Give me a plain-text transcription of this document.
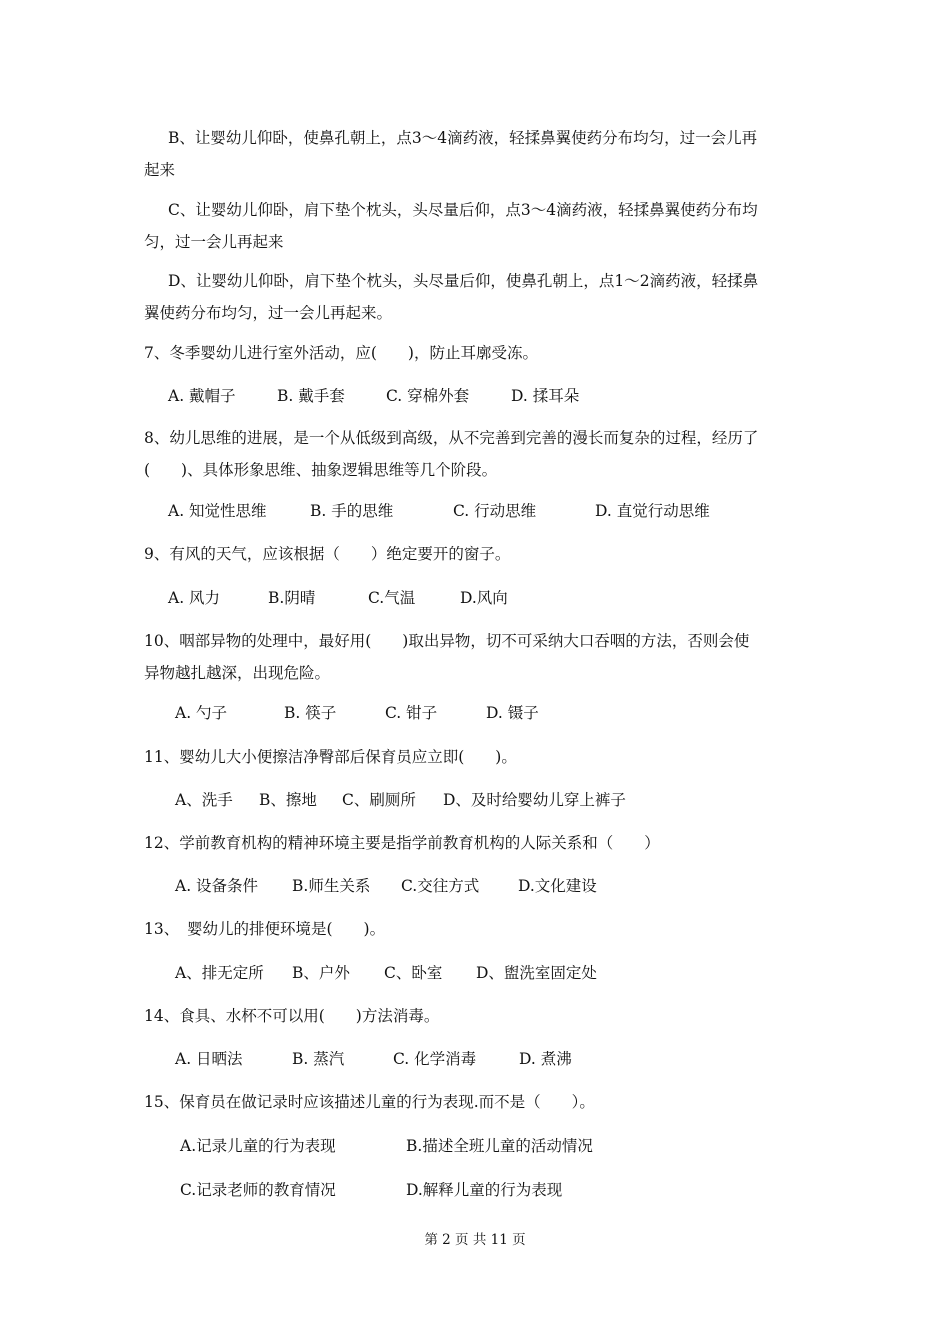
B、让婴幼儿仰卧，使鼻孔朝上，点3～4滴药液，轻揉鼻翼使药分布均匀，过一会儿再

起来

C、让婴幼儿仰卧，肩下垫个枕头，头尽量后仰，点3～4滴药液，轻揉鼻翼使药分布均

匀，过一会儿再起来

D、让婴幼儿仰卧，肩下垫个枕头，头尽量后仰，使鼻孔朝上，点1～2滴药液，轻揉鼻

翼使药分布均匀，过一会儿再起来。

7、冬季婴幼儿进行室外活动，应(　　)，防止耳廓受冻。

A. 戴帽子	B. 戴手套	C. 穿棉外套	D. 揉耳朵

8、幼儿思维的进展，是一个从低级到高级，从不完善到完善的漫长而复杂的过程，经历了

(　　)、具体形象思维、抽象逻辑思维等几个阶段。

A. 知觉性思维	B. 手的思维	C. 行动思维	D. 直觉行动思维

9、有风的天气，应该根据（　　）绝定要开的窗子。

A. 风力	B.阴晴	C.气温	D.风向

10、咽部异物的处理中，最好用(　　)取出异物，切不可采纳大口吞咽的方法，否则会使

异物越扎越深，出现危险。

A. 勺子	B. 筷子	C. 钳子	D. 镊子

11、婴幼儿大小便擦洁净臀部后保育员应立即(　　)。

A、洗手 B、擦地 C、刷厕所 D、及时给婴幼儿穿上裤子

12、学前教育机构的精神环境主要是指学前教育机构的人际关系和（　　）

A. 设备条件 B.师生关系 C.交往方式	D.文化建设

13、　婴幼儿的排便环境是(　　)。

A、排无定所 B、户外 C、卧室 D、盥洗室固定处

14、食具、水杯不可以用(　　)方法消毒。

A. 日晒法	B. 蒸汽	C. 化学消毒	D. 煮沸

15、保育员在做记录时应该描述儿童的行为表现.而不是（　　）。

A.记录儿童的行为表现	B.描述全班儿童的活动情况
C.记录老师的教育情况	D.解释儿童的行为表现
第 2 页 共 11 页
